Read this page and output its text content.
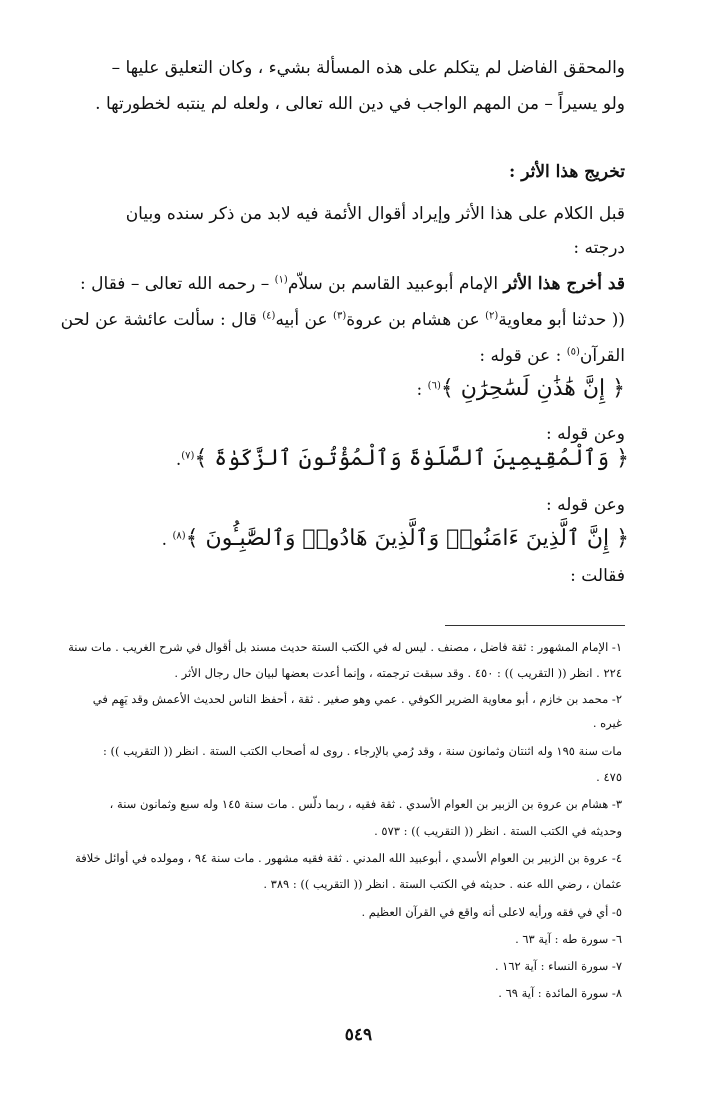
والمحقق الفاضل لم يتكلم على هذه المسألة بشيء ، وكان التعليق عليها –
ولو يسيراً – من المهم الواجب في دين الله تعالى ، ولعله لم ينتبه لخطورتها .
تخريج هذا الأثر :
قبل الكلام على هذا الأثر وإيراد أقوال الأئمة فيه لابد من ذكر سنده وبيان
درجته :
قد أخرج هذا الأثر الإمام أبوعبيد القاسم بن سلاّم$^{(١)}$ – رحمه الله تعالى – فقال :
(( حدثنا أبو معاوية$^{(٢)}$ عن هشام بن عروة$^{(٣)}$ عن أبيه$^{(٤)}$ قال : سألت عائشة عن لحن
القرآن$^{(٥)}$ : عن قوله :
﴿ إِنَّ هَٰذَٰنِ لَسَٰحِرَٰنِ ﴾$^{(٦)}$ :
وعن قوله :
﴿ وَٱلْمُقِيمِينَ ٱلصَّلَوٰةَ وَٱلْمُؤْتُونَ ٱلزَّكَوٰةَ ﴾$^{(٧)}$.
وعن قوله :
﴿ إِنَّ ٱلَّذِينَ ءَامَنُوا۟ وَٱلَّذِينَ هَادُوا۟ وَٱلصَّٰبِـُٔونَ ﴾$^{(٨)}$ .
فقالت :
١- الإمام المشهور : ثقة فاضل ، مصنف . ليس له في الكتب الستة حديث مسند بل أقوال في شرح الغريب . مات سنة
٢٢٤ . انظر (( التقريب )) : ٤٥٠ . وقد سبقت ترجمته ، وإنما أعدت بعضها لبيان حال رجال الأثر .
٢- محمد بن خازم ، أبو معاوية الضرير الكوفي . عمي وهو صغير . ثقة ، أحفظ الناس لحديث الأعمش وقد يَهِم في
غيره .
مات سنة ١٩٥ وله اثنتان وثمانون سنة ، وقد رُمي بالإرجاء . روى له أصحاب الكتب الستة . انظر (( التقريب )) :
٤٧٥ .
٣- هشام بن عروة بن الزبير بن العوام الأسدي . ثقة فقيه ، ربما دلّس . مات سنة ١٤٥ وله سبع وثمانون سنة ،
وحديثه في الكتب الستة . انظر (( التقريب )) : ٥٧٣ .
٤- عروة بن الزبير بن العوام الأسدي ، أبوعبيد الله المدني . ثقة فقيه مشهور . مات سنة ٩٤ ، ومولده في أوائل خلافة
عثمان ، رضي الله عنه . حديثه في الكتب الستة . انظر (( التقريب )) : ٣٨٩ .
٥- أي في فقه ورأيه لاعلى أنه واقع في القرآن العظيم .
٦- سورة طه : آية ٦٣ .
٧- سورة النساء : آية ١٦٢ .
٨- سورة المائدة : آية ٦٩ .
٥٤٩
